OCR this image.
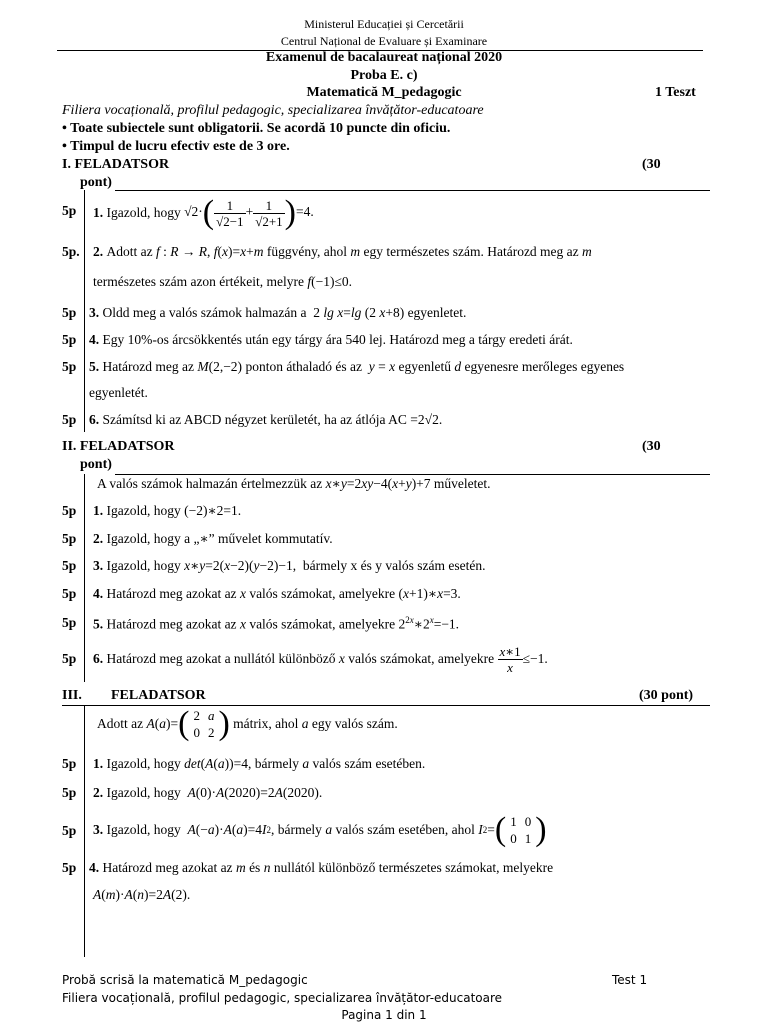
Ministerul Educației și Cercetării
Centrul Național de Evaluare și Examinare
Examenul de bacalaureat național 2020
Proba E. c)
Matematică M_pedagogic	1 Teszt
Filiera vocațională, profilul pedagogic, specializarea învățător-educatoare
• Toate subiectele sunt obligatorii. Se acordă 10 puncte din oficiu.
• Timpul de lucru efectiv este de 3 ore.
I. FELADATSOR	(30
pont)
5p 1.
Igazold, hogy
$√2\cdot( \frac{1}{√2-1} + \frac{1}{√2+1} )=4$.
5p. 2. Adott az f : R → R, f(x)=x+m függvény, ahol m egy természetes szám. Határozd meg az m
természetes szám azon értékeit, melyre f(−1)≤0.
5p 3. Oldd meg a valós számok halmazán a  2 lg x=lg (2 x+8) egyenletet.
5p 4. Egy 10%-os árcsökkentés után egy tárgy ára 540 lej. Határozd meg a tárgy eredeti árát.
5p 5. Határozd meg az M(2,−2) ponton áthaladó és az y = x egyenletű d egyenesre merőleges egyenes
egyenletét.
5p 6. Számítsd ki az ABCD négyzet kerületét, ha az átlója AC =2√2.
II. FELADATSOR	(30
pont)
A valós számok halmazán értelmezzük az x∗y=2xy−4(x+y)+7 műveletet.
5p 1. Igazold, hogy (−2)∗2=1.
5p 2. Igazold, hogy a „∗” művelet kommutatív.
5p 3. Igazold, hogy x∗y=2(x−2)(y−2)−1,  bármely x és y valós szám esetén.
5p 4. Határozd meg azokat az x valós számokat, amelyekre (x+1)∗x=3.
5p 5. Határozd meg azokat az x valós számokat, amelyekre $2^{2x}∗2^x=-1$.
5p 6.
Határozd meg azokat a nullától különböző
x
valós számokat, amelyekre
$\frac{x∗1}{x} \le-1$.
III. FELADATSOR	(30 pont)
Adott az
A ( a )= ( 2	a
0	2 )
mátrix, ahol
a
egy valós szám.
5p 1. Igazold, hogy det(A(a))=4, bármely a valós szám esetében.
5p 2. Igazold, hogy A(0)·A(2020)=2A(2020).
5p 3.
Igazold, hogy
A (− a )· A ( a )=4 I 2 , bármely
a
valós szám esetében, ahol
I 2 = ( 1	0
0	1 )
5p 4. Határozd meg azokat az m és n nullától különböző természetes számokat, melyekre
A(m)·A(n)=2A(2).
Probă scrisă la matematică M_pedagogic	Test 1
Filiera vocațională, profilul pedagogic, specializarea învățător-educatoare
Pagina 1 din 1
